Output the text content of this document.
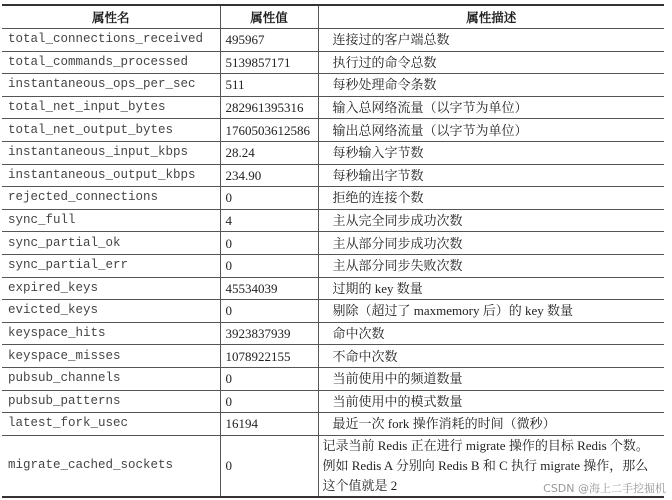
属性名	属性值	属性描述
total_connections_received	495967	连接过的客户端总数
total_commands_processed	5139857171	执行过的命令总数
instantaneous_ops_per_sec	511	每秒处理命令条数
total_net_input_bytes	282961395316	输入总网络流量（以字节为单位）
total_net_output_bytes	1760503612586	输出总网络流量（以字节为单位）
instantaneous_input_kbps	28.24	每秒输入字节数
instantaneous_output_kbps	234.90	每秒输出字节数
rejected_connections	0	拒绝的连接个数
sync_full	4	主从完全同步成功次数
sync_partial_ok	0	主从部分同步成功次数
sync_partial_err	0	主从部分同步失败次数
expired_keys	45534039	过期的 key 数量
evicted_keys	0	剔除（超过了 maxmemory 后）的 key 数量
keyspace_hits	3923837939	命中次数
keyspace_misses	1078922155	不命中次数
pubsub_channels	0	当前使用中的频道数量
pubsub_patterns	0	当前使用中的模式数量
latest_fork_usec	16194	最近一次 fork 操作消耗的时间（微秒）
migrate_cached_sockets	0	记录当前 Redis 正在进行 migrate 操作的目标 Redis 个数。例如 Redis A 分别向 Redis B 和 C 执行 migrate 操作，那么这个值就是 2	CSDN @海上二手挖掘机
